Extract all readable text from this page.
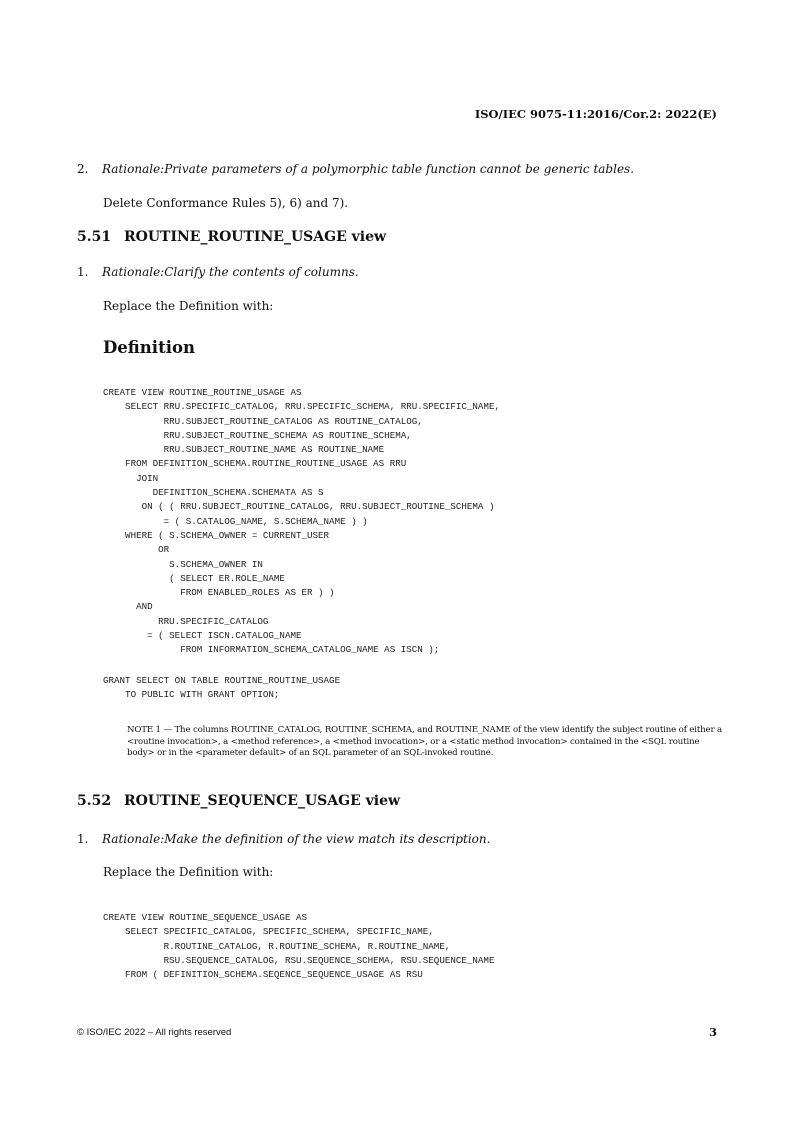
ISO/IEC 9075-11:2016/Cor.2: 2022(E)
2. Rationale:Private parameters of a polymorphic table function cannot be generic tables.
Delete Conformance Rules 5), 6) and 7).
5.51 ROUTINE_ROUTINE_USAGE view
1. Rationale:Clarify the contents of columns.
Replace the Definition with:
Definition
CREATE VIEW ROUTINE_ROUTINE_USAGE AS
SELECT RRU.SPECIFIC_CATALOG, RRU.SPECIFIC_SCHEMA, RRU.SPECIFIC_NAME,
RRU.SUBJECT_ROUTINE_CATALOG AS ROUTINE_CATALOG,
RRU.SUBJECT_ROUTINE_SCHEMA AS ROUTINE_SCHEMA,
RRU.SUBJECT_ROUTINE_NAME AS ROUTINE_NAME
FROM DEFINITION_SCHEMA.ROUTINE_ROUTINE_USAGE AS RRU
JOIN
DEFINITION_SCHEMA.SCHEMATA AS S
ON ( ( RRU.SUBJECT_ROUTINE_CATALOG, RRU.SUBJECT_ROUTINE_SCHEMA )
= ( S.CATALOG_NAME, S.SCHEMA_NAME ) )
WHERE ( S.SCHEMA_OWNER = CURRENT_USER
OR
S.SCHEMA_OWNER IN
( SELECT ER.ROLE_NAME
FROM ENABLED_ROLES AS ER ) )
AND
RRU.SPECIFIC_CATALOG
= ( SELECT ISCN.CATALOG_NAME
FROM INFORMATION_SCHEMA_CATALOG_NAME AS ISCN );
GRANT SELECT ON TABLE ROUTINE_ROUTINE_USAGE
TO PUBLIC WITH GRANT OPTION;
NOTE 1 — The columns ROUTINE_CATALOG, ROUTINE_SCHEMA, and ROUTINE_NAME of the view identify the subject routine of either a <routine invocation>, a <method reference>, a <method invocation>, or a <static method invocation> contained in the <SQL routine body> or in the <parameter default> of an SQL parameter of an SQL-invoked routine.
5.52 ROUTINE_SEQUENCE_USAGE view
1. Rationale:Make the definition of the view match its description.
Replace the Definition with:
CREATE VIEW ROUTINE_SEQUENCE_USAGE AS
SELECT SPECIFIC_CATALOG, SPECIFIC_SCHEMA, SPECIFIC_NAME,
R.ROUTINE_CATALOG, R.ROUTINE_SCHEMA, R.ROUTINE_NAME,
RSU.SEQUENCE_CATALOG, RSU.SEQUENCE_SCHEMA, RSU.SEQUENCE_NAME
FROM ( DEFINITION_SCHEMA.SEQENCE_SEQUENCE_USAGE AS RSU
© ISO/IEC 2022 – All rights reserved	3
